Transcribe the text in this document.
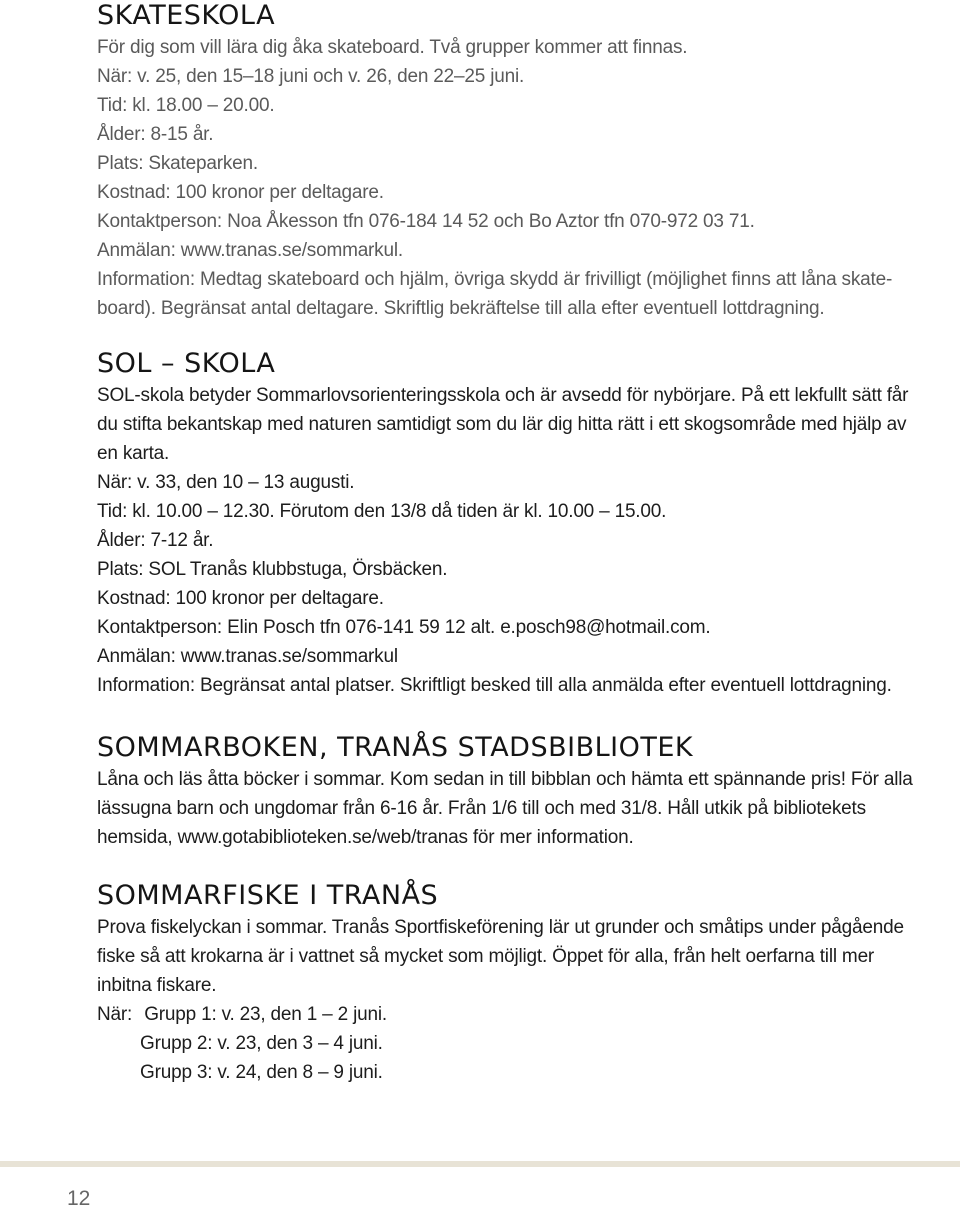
SKATESKOLA

För dig som vill lära dig åka skateboard. Två grupper kommer att finnas.

När: v. 25, den 15–18 juni och v. 26, den 22–25 juni.

Tid: kl. 18.00 – 20.00.

Ålder: 8-15 år.

Plats: Skateparken.

Kostnad: 100 kronor per deltagare.

Kontaktperson: Noa Åkesson tfn 076-184 14 52 och Bo Aztor tfn 070-972 03 71.

Anmälan: www.tranas.se/sommarkul.

Information: Medtag skateboard och hjälm, övriga skydd är frivilligt (möjlighet finns att låna skate-

board). Begränsat antal deltagare. Skriftlig bekräftelse till alla efter eventuell lottdragning.

SOL – SKOLA

SOL-skola betyder Sommarlovsorienteringsskola och är avsedd för nybörjare. På ett lekfullt sätt får

du stifta bekantskap med naturen samtidigt som du lär dig hitta rätt i ett skogsområde med hjälp av

en karta.

När: v. 33, den 10 – 13 augusti.

Tid: kl. 10.00 – 12.30. Förutom den 13/8 då tiden är kl. 10.00 – 15.00.

Ålder: 7-12 år.

Plats: SOL Tranås klubbstuga, Örsbäcken.

Kostnad: 100 kronor per deltagare.

Kontaktperson: Elin Posch tfn 076-141 59 12 alt. e.posch98@hotmail.com.

Anmälan: www.tranas.se/sommarkul

Information: Begränsat antal platser. Skriftligt besked till alla anmälda efter eventuell lottdragning.

SOMMARBOKEN, TRANÅS STADSBIBLIOTEK

Låna och läs åtta böcker i sommar. Kom sedan in till bibblan och hämta ett spännande pris! För alla

lässugna barn och ungdomar från 6-16 år. Från 1/6 till och med 31/8. Håll utkik på bibliotekets

hemsida, www.gotabiblioteken.se/web/tranas för mer information.

SOMMARFISKE I TRANÅS

Prova fiskelyckan i sommar. Tranås Sportfiskeförening lär ut grunder och småtips under pågående

fiske så att krokarna är i vattnet så mycket som möjligt. Öppet för alla, från helt oerfarna till mer

inbitna fiskare.

När: Grupp 1: v. 23, den 1 – 2 juni.

Grupp 2: v. 23, den 3 – 4 juni.

Grupp 3: v. 24, den 8 – 9 juni.

12
